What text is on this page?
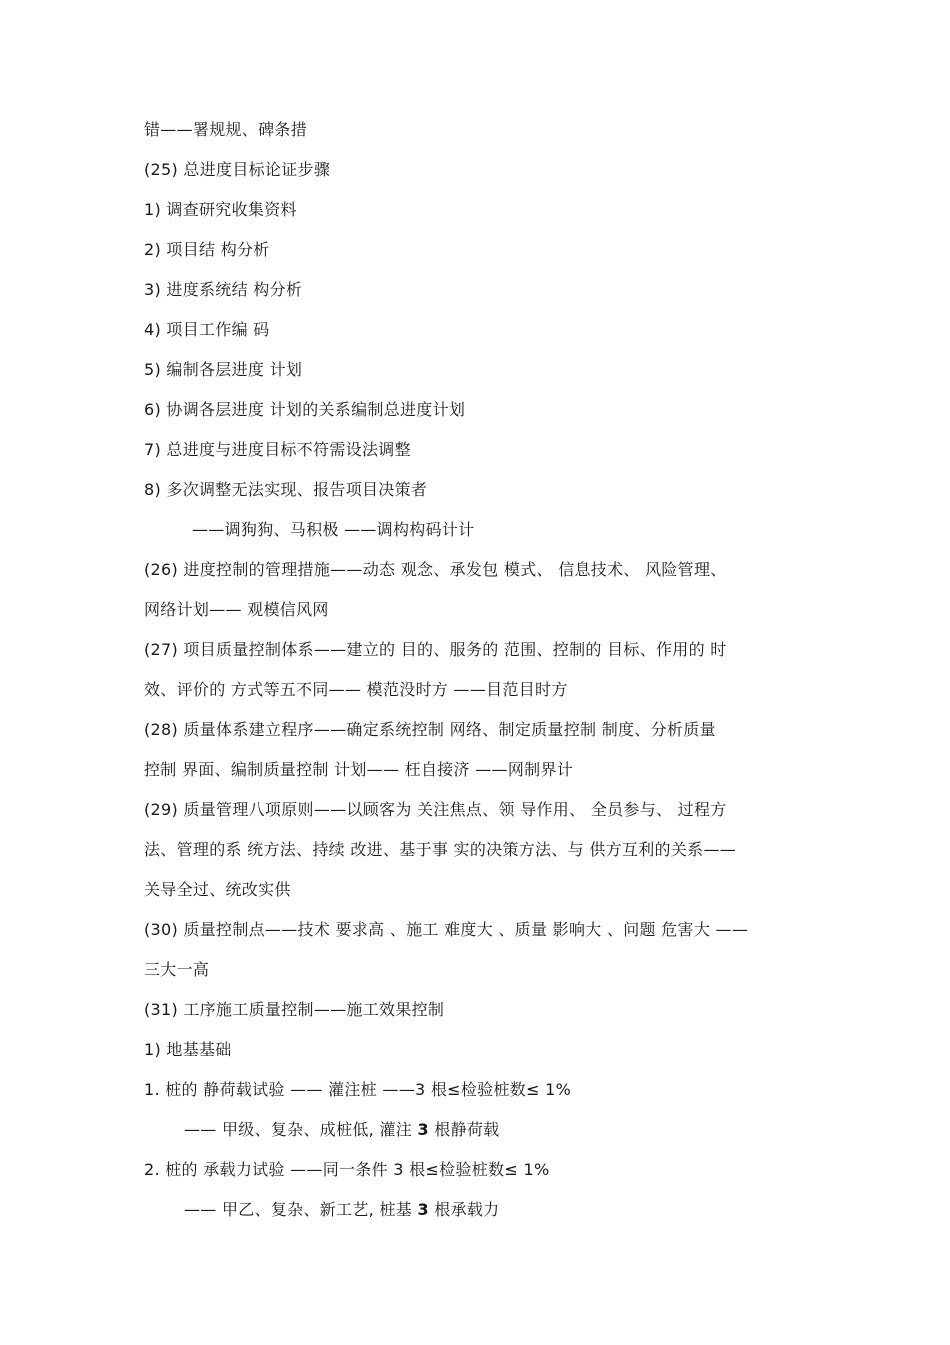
错——署规规、碑条措
(25) 总进度目标论证步骤
1) 调查研究收集资料
2) 项目结 构分析
3) 进度系统结 构分析
4) 项目工作编 码
5) 编制各层进度 计划
6) 协调各层进度 计划的关系编制总进度计划
7) 总进度与进度目标不符需设法调整
8) 多次调整无法实现、报告项目决策者
——调狗狗、马积极 ——调构构码计计
(26) 进度控制的管理措施——动态 观念、承发包 模式、 信息技术、 风险管理、
网络计划—— 观模信风网
(27) 项目质量控制体系——建立的 目的、服务的 范围、控制的 目标、作用的 时
效、评价的 方式等五不同—— 模范没时方 ——目范目时方
(28) 质量体系建立程序——确定系统控制 网络、制定质量控制 制度、分析质量
控制 界面、编制质量控制 计划—— 枉自接济 ——网制界计
(29) 质量管理八项原则——以顾客为 关注焦点、领 导作用、 全员参与、 过程方
法、管理的系 统方法、持续 改进、基于事 实的决策方法、与 供方互利的关系——
关导全过、统改实供
(30) 质量控制点——技术 要求高 、施工 难度大 、质量 影响大 、问题 危害大 ——
三大一高
(31) 工序施工质量控制——施工效果控制
1) 地基基础
1. 桩的 静荷载试验 —— 灌注桩 ——3 根≤检验桩数≤ 1%
—— 甲级、复杂、成桩低, 灌注 3 根静荷载
2. 桩的 承载力试验 ——同一条件 3 根≤检验桩数≤ 1%
—— 甲乙、复杂、新工艺, 桩基 3 根承载力
